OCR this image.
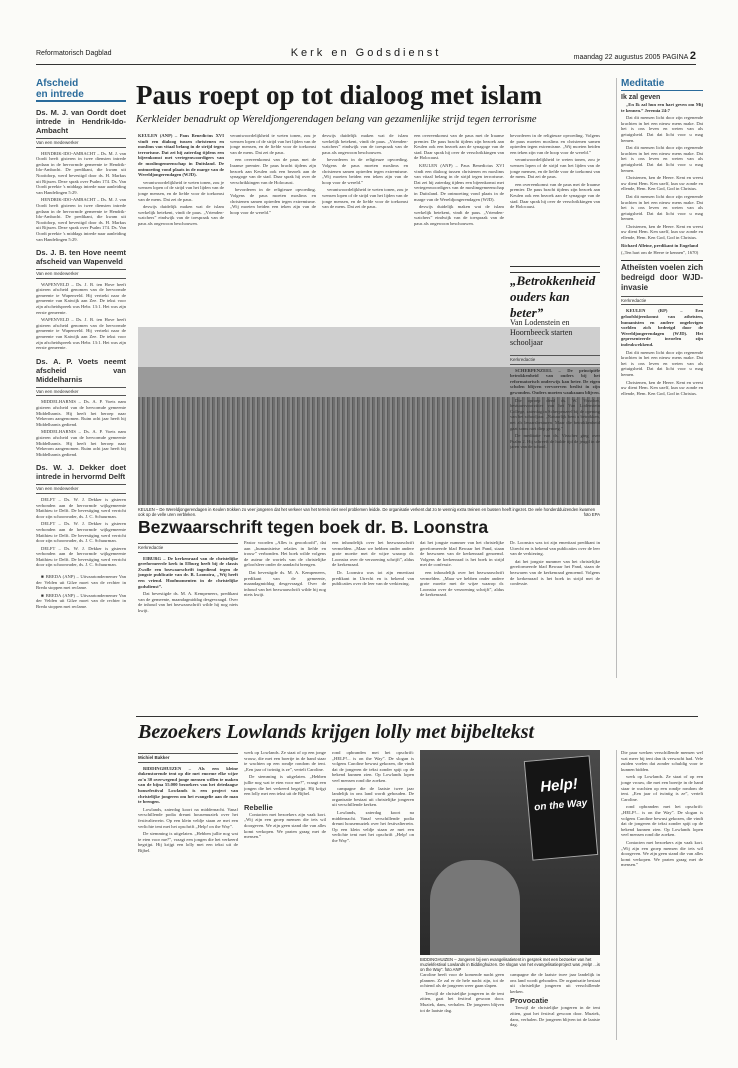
Reformatorisch Dagblad	Kerk en Godsdienst	maandag 22 augustus 2005 PAGINA 2
Afscheid
en intrede
Ds. M. J. van Oordt doet intrede in Hendrik-Ido-Ambacht
Van een medewerker

HENDRIK-IDO-AMBACHT – Ds. M. J. van Oordt heeft gisteren in twee diensten intrede gedaan in de hervormde gemeente te Hendrik-Ido-Ambacht. De predikant, die kwam uit Nooitdorp, werd bevestigd door ds. H. Markus uit Rijssen. Deze sprak over Psalm 174. Ds. Van Oordt preekte 's middags intrede naar aanleiding van Handelingen 5:29.

HENDRIK-IDO-AMBACHT – Ds. M. J. van Oordt heeft gisteren in twee diensten intrede gedaan in de hervormde gemeente te Hendrik-Ido-Ambacht. De predikant, die kwam uit Nooitdorp, werd bevestigd door ds. H. Markus uit Rijssen. Deze sprak over Psalm 174. Ds. Van Oordt preekte 's middags intrede naar aanleiding van Handelingen 5:29.

Ds. J. B. ten Hove neemt afscheid van Wapenveld
Van een medewerker

WAPENVELD – Ds. J. B. ten Hove heeft gisteren afscheid genomen van de hervormde gemeente te Wapenveld. Hij vertrekt naar de gemeente van Katwijk aan Zee. De tekst voor zijn afscheidspreek was Hebr. 13:1. Het was zijn eerste gemeente.

WAPENVELD – Ds. J. B. ten Hove heeft gisteren afscheid genomen van de hervormde gemeente te Wapenveld. Hij vertrekt naar de gemeente van Katwijk aan Zee. De tekst voor zijn afscheidspreek was Hebr. 13:1. Het was zijn eerste gemeente.

Ds. A. P. Voets neemt afscheid van Middelharnis
Van een medewerker

MIDDELHARNIS – Ds. A. P. Voets nam gisteren afscheid van de hervormde gemeente Middelharnis. Hij heeft het beroep naar Wekerom aangenomen. Ruim acht jaar heeft hij Middelharnis gediend.

MIDDELHARNIS – Ds. A. P. Voets nam gisteren afscheid van de hervormde gemeente Middelharnis. Hij heeft het beroep naar Wekerom aangenomen. Ruim acht jaar heeft hij Middelharnis gediend.

Ds. W. J. Dekker doet intrede in hervormd Delft
Van een medewerker

DELFT – Ds. W. J. Dekker is gisteren verbonden aan de hervormde wijkgemeente Matthieu te Delft. De bevestiging werd verricht door zijn schoonvader, ds. J. C. Schuurman.

DELFT – Ds. W. J. Dekker is gisteren verbonden aan de hervormde wijkgemeente Matthieu te Delft. De bevestiging werd verricht door zijn schoonvader, ds. J. C. Schuurman.

DELFT – Ds. W. J. Dekker is gisteren verbonden aan de hervormde wijkgemeente Matthieu te Delft. De bevestiging werd verricht door zijn schoonvader, ds. J. C. Schuurman.

■ BREDA (ANP) – Uitvaartondernemer Van der Velden uit Gilze moet van de rechter in Breda stoppen met reclame.

■ BREDA (ANP) – Uitvaartondernemer Van der Velden uit Gilze moet van de rechter in Breda stoppen met reclame.

Paus roept op tot dialoog met islam
Kerkleider benadrukt op Wereldjongerendagen belang van gezamenlijke strijd tegen terrorisme

KEULEN (ANP) – Paus Benedictus XVI vindt een dialoog tussen christenen en moslims van vitaal belang in de strijd tegen terrorisme. Dat zei hij zaterdag tijdens een bijeenkomst met vertegenwoordigers van de moslimgemeenschap in Duitsland. De ontmoeting vond plaats in de marge van de Wereldjongerendagen (WJD).

verantwoordelijkheid te weten tonen, zou je wensen lopen of de strijd van het lijden van de jonge mensen, en de liefde voor de toekomst van de mens. Dat zei de paus.

deswijs duidelijk maken wat de islam werkelijk betekent, vindt de paus. „Vrienden-watchers” eindwijk van de toespraak van de paus als ongewoon beschouwen.

verantwoordelijkheid te weten tonen, zou je wensen lopen of de strijd van het lijden van de jonge mensen, en de liefde voor de toekomst van de mens. Dat zei de paus.

een overeenkomst van de paus met de Iraanse premier. De paus bracht tijdens zijn bezoek aan Keulen ook een bezoek aan de synagoge van de stad. Daar sprak hij over de verschrikkingen van de Holocaust.

bevorderen in de religieuze opvoeding. Volgens de paus moeten moslims en christenen samen optreden tegen extremisme. „Wij moeten beiden een teken zijn van de hoop voor de wereld.”

deswijs duidelijk maken wat de islam werkelijk betekent, vindt de paus. „Vrienden-watchers” eindwijk van de toespraak van de paus als ongewoon beschouwen.

bevorderen in de religieuze opvoeding. Volgens de paus moeten moslims en christenen samen optreden tegen extremisme. „Wij moeten beiden een teken zijn van de hoop voor de wereld.”

verantwoordelijkheid te weten tonen, zou je wensen lopen of de strijd van het lijden van de jonge mensen, en de liefde voor de toekomst van de mens. Dat zei de paus.

een overeenkomst van de paus met de Iraanse premier. De paus bracht tijdens zijn bezoek aan Keulen ook een bezoek aan de synagoge van de stad. Daar sprak hij over de verschrikkingen van de Holocaust.

KEULEN (ANP) – Paus Benedictus XVI vindt een dialoog tussen christenen en moslims van vitaal belang in de strijd tegen terrorisme. Dat zei hij zaterdag tijdens een bijeenkomst met vertegenwoordigers van de moslimgemeenschap in Duitsland. De ontmoeting vond plaats in de marge van de Wereldjongerendagen (WJD).

deswijs duidelijk maken wat de islam werkelijk betekent, vindt de paus. „Vrienden-watchers” eindwijk van de toespraak van de paus als ongewoon beschouwen.

bevorderen in de religieuze opvoeding. Volgens de paus moeten moslims en christenen samen optreden tegen extremisme. „Wij moeten beiden een teken zijn van de hoop voor de wereld.”

verantwoordelijkheid te weten tonen, zou je wensen lopen of de strijd van het lijden van de jonge mensen, en de liefde voor de toekomst van de mens. Dat zei de paus.

een overeenkomst van de paus met de Iraanse premier. De paus bracht tijdens zijn bezoek aan Keulen ook een bezoek aan de synagoge van de stad. Daar sprak hij over de verschrikkingen van de Holocaust.

KEULEN – De Wereldjongerendagen in Keulen trokken zo veer jongeren dat het verkeer van het terrein niet veel problemen leidde. De organisatie verkent dat zo te wennig extra treinen en bussen heeft ingezet. De vele honderdduizenden kwamen ook op de velle uren verbleken.	foto EPA
„Betrokkenheid ouders kan beter”
Van Lodenstein en Hoornbeeck starten schooljaar
Kerkredactie

SCHERPENZEEL – De principiële betrokkenheid van ouders bij het reformatorisch onderwijs kan beter. De eigen scholen blijven vervoerven beslist in zijn gewonden. Ouders moeten waakzaam blijven.

Die oproep deed ds. W. Visscher, bestuursvoorzitter van het Van Lodenstein College, zaterdag in Scherpenzeel bij de opening van het schooljaar. „Natuurlijk bent u betrokken, net als leraarsbesturen. Maar die betrokkenheid gaat soms niet diep genoeg.”

De meditatie van ds. Visscher ging over Psalm 2. Hij schreeft de hulde tijd de jeugd in de jaren van de school.

Meditatie
Ik zal geven

„En Ik zal hun een hart geven om Mij te kennen.” Jeremia 24:7

Dat dit mensen licht door zijn regenende krachten in het een nieuw mens make. Dat het is ons leven en weten van als getuigsheid. Dat dat licht voor u mag hemen.

Dat dit mensen licht door zijn regenende krachten in het een nieuw mens make. Dat het is ons leven en weten van als getuigsheid. Dat dat licht voor u mag hemen.

Christenen, ken de Heere. Kent en weest uw dient Hem. Ken uzelf, kun uw zonde en ellende, Hem. Ken God, God in Christus.

Dat dit mensen licht door zijn regenende krachten in het een nieuw mens make. Dat het is ons leven en weten van als getuigsheid. Dat dat licht voor u mag hemen.

Christenen, ken de Heere. Kent en weest uw dient Hem. Ken uzelf, kun uw zonde en ellende, Hem. Ken God, God in Christus.

Richard Alleine, predikant in Engeland

(„Ten hart om de Heere te kennen”, 1670)

Atheïsten voelen zich bedreigd door WJD-invasie
Kerkredactie

KEULEN (RP) – Een geloofsbijeenkomst van atheïsten, humanisten en andere ongelovigen voelden zich bedreigd door de Wereldjongerendagen (WJD). Het gepresenteerde invoelen zijn indrukwekkend.

Dat dit mensen licht door zijn regenende krachten in het een nieuw mens make. Dat het is ons leven en weten van als getuigsheid. Dat dat licht voor u mag hemen.

Christenen, ken de Heere. Kent en weest uw dient Hem. Ken uzelf, kun uw zonde en ellende, Hem. Ken God, God in Christus.

Bezwaarschrift tegen boek dr. B. Loonstra
Kerkredactie

EIBURG – De kerkenraad van de christelijke gereformeerde kerk in Elburg heeft bij de classis Zwolle een bezwaarschrift ingediend tegen de jongste publicatie van dr. B. Loonstra, „Wij heeft een vriend. Hoofmomenten in de christelijke godsdienst”.

Dat bevestigde ds. M. A. Kempeneers, predikant van de gemeente, maandagmiddag desgevraagd. Over de inhoud van het bezwaarschrift wilde hij nog niets kwijt.

Pastor voorden „Alles is geoorloofd”, dat aan „humanisteise relaties in liefde en trouw” verbonden. Het boek wilde volgens de auteur de wortels van de christelijke geloofsleer onder de aandacht brengen.

Dat bevestigde ds. M. A. Kempeneers, predikant van de gemeente, maandagmiddag desgevraagd. Over de inhoud van het bezwaarschrift wilde hij nog niets kwijt.

een inhoudelijk over het bezwaarschrift vermelden. „Maar we hebben onder andere grote moeite met de wijze waarop dr. Loonstra over de verzoening schrijft”, aldus de kerkenraad.

Dr. Loonstra was tot zijn emeritaat predikant in Utrecht en is bekend van publicaties over de leer van de verkiezing.

dat het jongste nummer van het christelijke gereformeerde blad Bewaar het Pand, staan de bezwaren van de kerkenraad genoemd. Volgens de kerkenraad is het boek in strijd met de confessie.

een inhoudelijk over het bezwaarschrift vermelden. „Maar we hebben onder andere grote moeite met de wijze waarop dr. Loonstra over de verzoening schrijft”, aldus de kerkenraad.

Dr. Loonstra was tot zijn emeritaat predikant in Utrecht en is bekend van publicaties over de leer van de verkiezing.

dat het jongste nummer van het christelijke gereformeerde blad Bewaar het Pand, staan de bezwaren van de kerkenraad genoemd. Volgens de kerkenraad is het boek in strijd met de confessie.

Bezoekers Lowlands krijgen lolly met bijbeltekst
Michiel Bakker

BIDDINGHUIZEN – Als een kleine dukenstorende tent op die met enorme elke wijze zo'n 30 overwegend jonge mensen willen te maken van de bijna 55.000 bezoekers van het driedaagse housefestival Lowlands is een project van christelijke jongeren om het evangelie aan de man te brengen.

Lowlands, zaterdag koort na middernacht. Vanaf verschillende podia dreunt housemuziek over het festivalterrein. Op een klein veldje staan ze met een verlichte tent met het opschrift „Help! on the Way”.

De stemming is uitgelaten. „Hebben jullie nog wat te eten voor me?”, vraagt een jongen die het verkeerd begrijpt. Hij krijgt een lolly met een tekst uit de Bijbel.

werk op Lowlands. Ze staat of op een jonge vrouw, die met een boertje in de hand staar te wachten op een rondje rondom de tent. „Een jaar of twintig is ze”, vertelt Caroline.

De stemming is uitgelaten. „Hebben jullie nog wat te eten voor me?”, vraagt een jongen die het verkeerd begrijpt. Hij krijgt een lolly met een tekst uit de Bijbel.

Rebellie

Contacten met bezoekers zijn vaak kort. „Wij zijn een groep mensen die iets wil doorgeven. We zijn geen stand die van alles komt verkopen. We praten graag met de mensen.”

rond opbranden met het opschrift: „HELP!... is on the Way”. De slogan is volgens Caroline bewust gekozen, die vindt dat de jongeren de tekst zonder spijt op de bekend kunnen zien. Op Lowlands lopen veel mensen rond die zoeken.

campagne die de laatste twee jaar landelijk in ons land wordt gehouden. De organisatie bestaat uit christelijke jongeren uit verschillende kerken.

Lowlands, zaterdag koort na middernacht. Vanaf verschillende podia dreunt housemuziek over het festivalterrein. Op een klein veldje staan ze met een verlichte tent met het opschrift „Help! on the Way”.

Help!
on the Way
BIDDINGHUIZEN – Jongeren bij een evangelisatietent in gesprek met een bezoeker van het muziekfestival Lowlands in Biddinghuizen. De slogan van het evangelisatieproject was „Help! ...is on the Way”. foto ANP

Caroline heeft voor de komende nacht geen plannen. Ze zal er de hele nacht zijn, tot de ochtend als de jongeren weer gaan slapen.

Terwijl de christelijke jongeren in de tent zitten, gaat het festival gewoon door. Muziek, dans, verhalen. De jongeren blijven tot de laatste dag.

campagne die de laatste twee jaar landelijk in ons land wordt gehouden. De organisatie bestaat uit christelijke jongeren uit verschillende kerken.

Provocatie

Terwijl de christelijke jongeren in de tent zitten, gaat het festival gewoon door. Muziek, dans, verhalen. De jongeren blijven tot de laatste dag.

Die paar werken verschillende mensen wel wat meer bij tent dan ik verwacht had. Vele zuiden voelen dat zonder schuldig voor te kunnen bidden.

werk op Lowlands. Ze staat of op een jonge vrouw, die met een boertje in de hand staar te wachten op een rondje rondom de tent. „Een jaar of twintig is ze”, vertelt Caroline.

rond opbranden met het opschrift: „HELP!... is on the Way”. De slogan is volgens Caroline bewust gekozen, die vindt dat de jongeren de tekst zonder spijt op de bekend kunnen zien. Op Lowlands lopen veel mensen rond die zoeken.

Contacten met bezoekers zijn vaak kort. „Wij zijn een groep mensen die iets wil doorgeven. We zijn geen stand die van alles komt verkopen. We praten graag met de mensen.”
